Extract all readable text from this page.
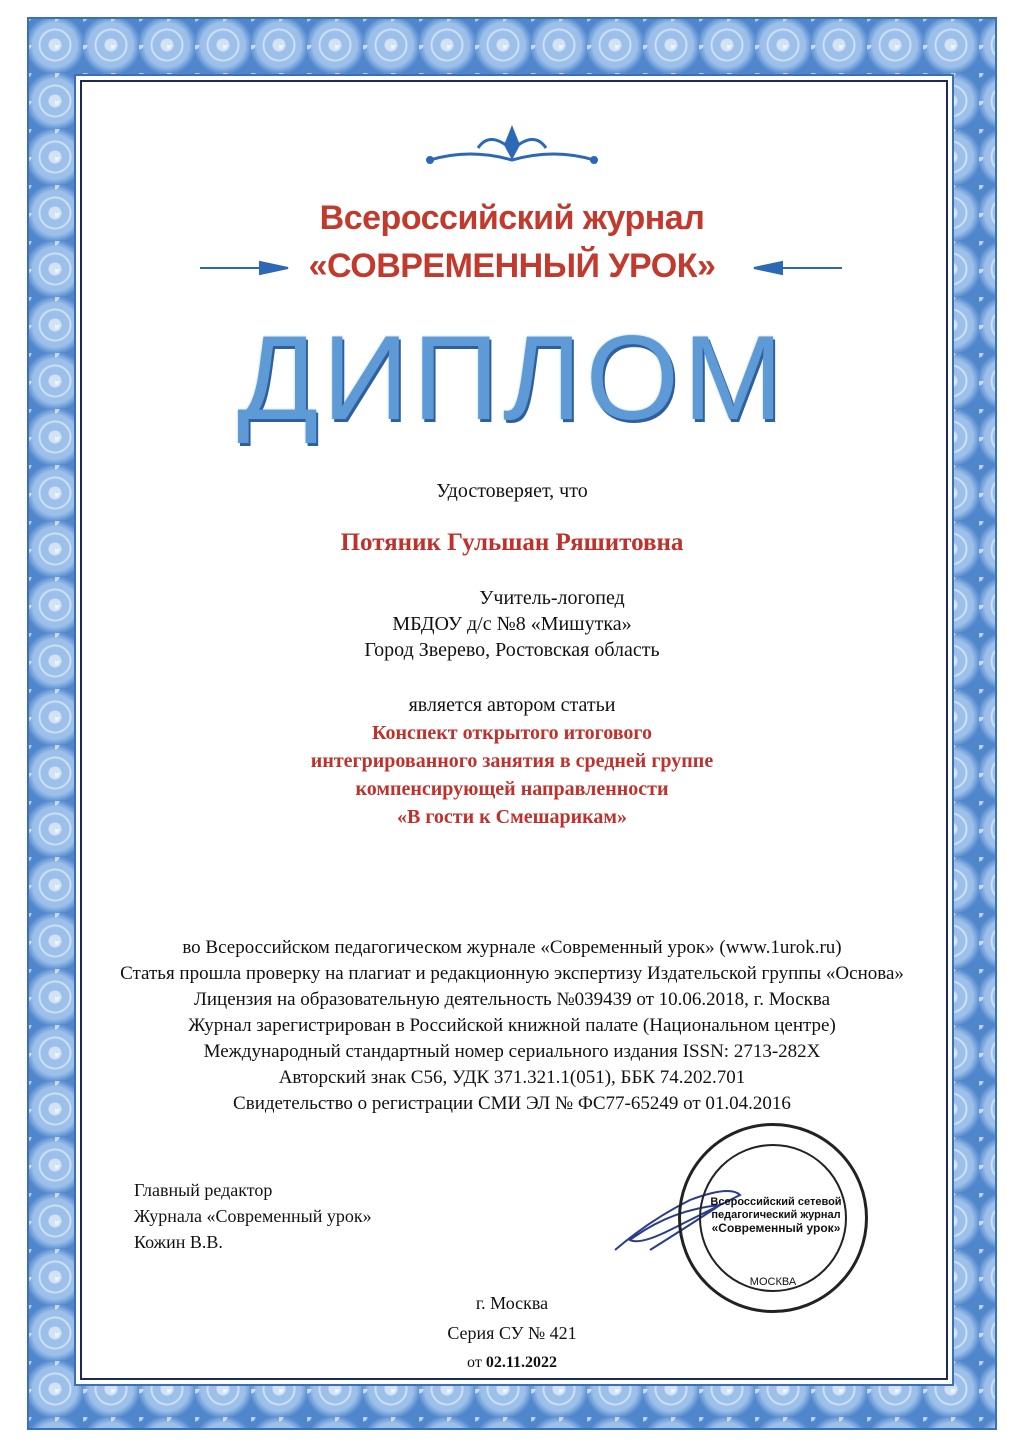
Всероссийский журнал
«СОВРЕМЕННЫЙ УРОК»
ДИПЛОМ
Удостоверяет, что
Потяник Гульшан Ряшитовна
Учитель-логопед
МБДОУ д/с №8 «Мишутка»
Город Зверево, Ростовская область
является автором статьи
Конспект открытого итогового
интегрированного занятия в средней группе
компенсирующей направленности
«В гости к Смешарикам»
во Всероссийском педагогическом журнале «Современный урок» (www.1urok.ru)
Статья прошла проверку на плагиат и редакционную экспертизу Издательской группы «Основа»
Лицензия на образовательную деятельность №039439 от 10.06.2018, г. Москва
Журнал зарегистрирован в Российской книжной палате (Национальном центре)
Международный стандартный номер сериального издания ISSN: 2713-282X
Авторский знак С56, УДК 371.321.1(051), ББК 74.202.701
Свидетельство о регистрации СМИ ЭЛ № ФС77-65249 от 01.04.2016
Главный редактор
Журнала «Современный урок»
Кожин В.В.
Всероссийский сетевой
педагогический журнал
«Современный урок»
МОСКВА
г. Москва
Серия СУ № 421
от 02.11.2022
